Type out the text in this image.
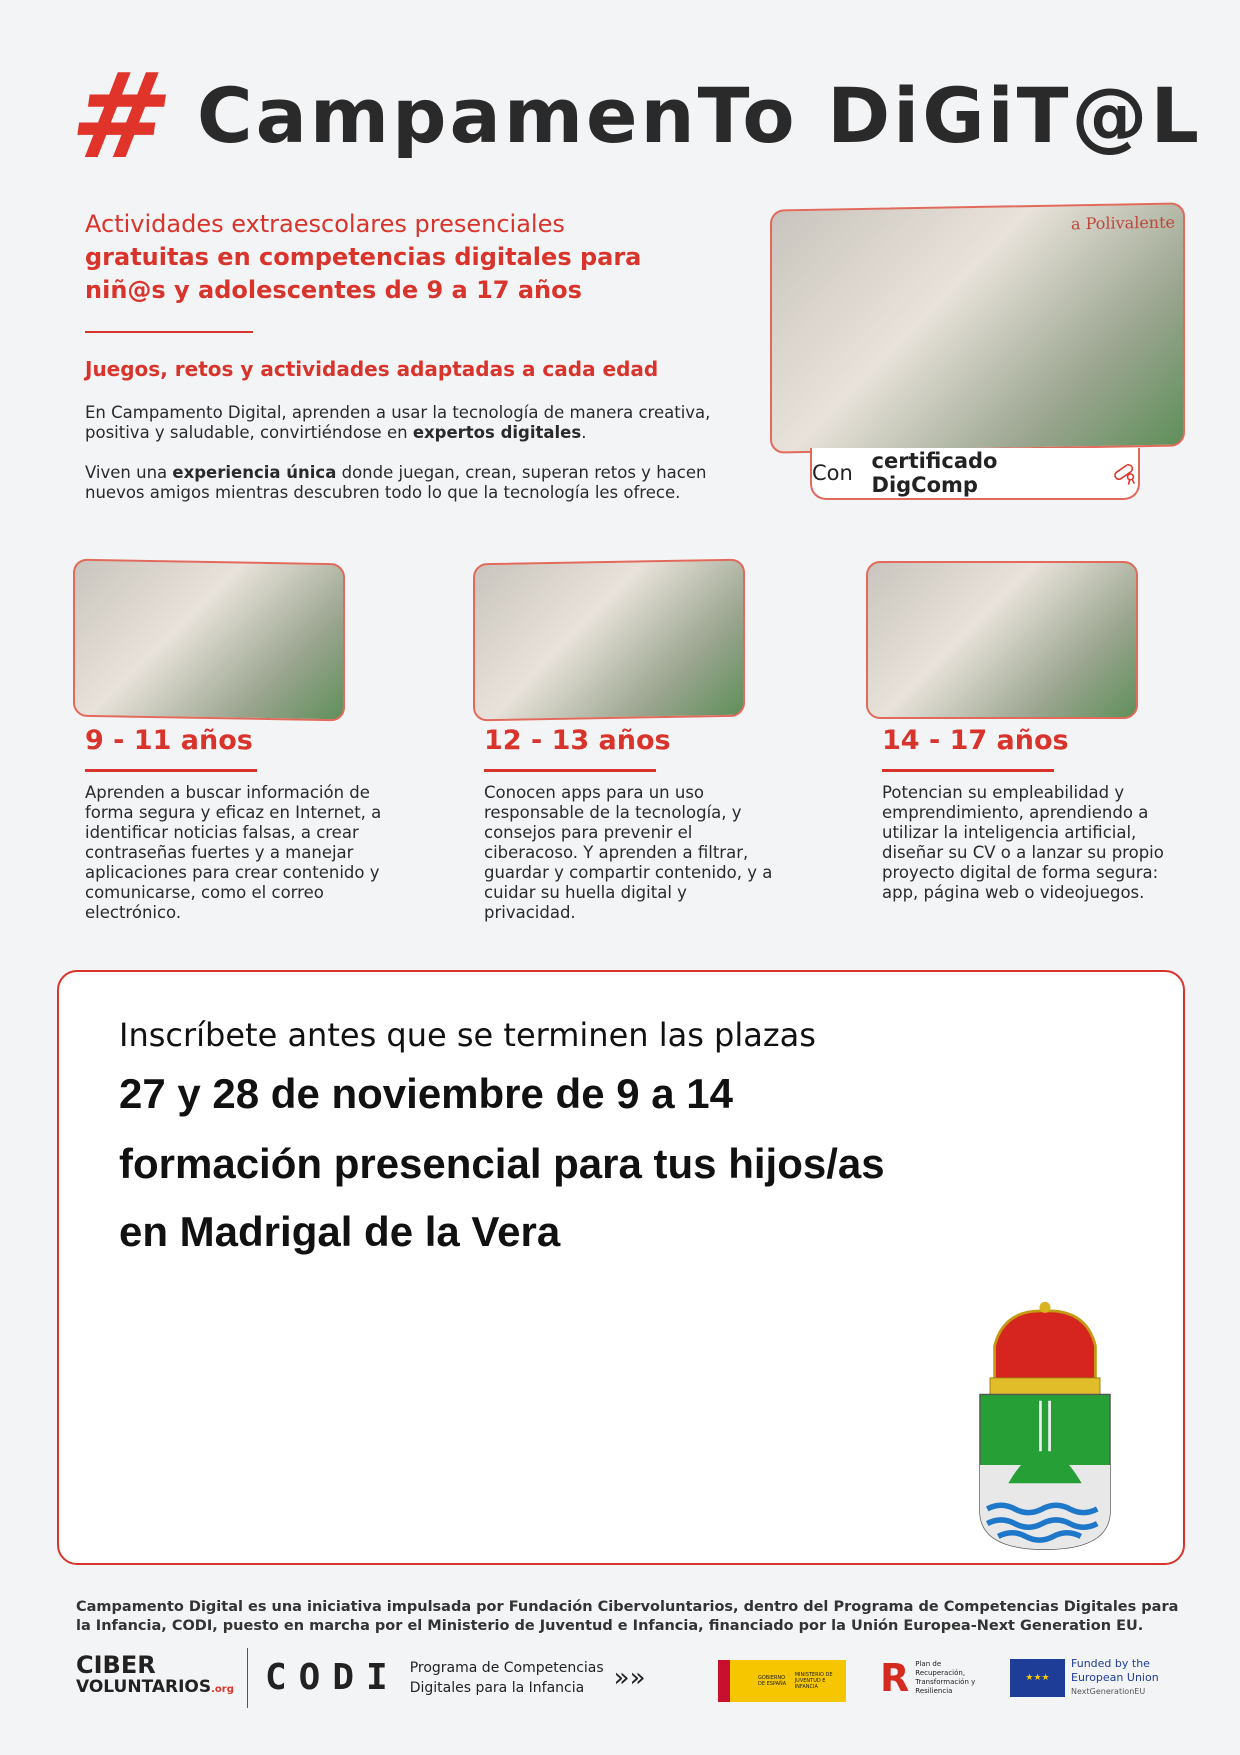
# CampamenTo DiGiT@L
Actividades extraescolares presenciales
gratuitas en competencias digitales para
niñ@s y adolescentes de 9 a 17 años
Juegos, retos y actividades adaptadas a cada edad
En Campamento Digital, aprenden a usar la tecnología de manera creativa, positiva y saludable, convirtiéndose en expertos digitales.
Viven una experiencia única donde juegan, crean, superan retos y hacen nuevos amigos mientras descubren todo lo que la tecnología les ofrece.
a Polivalente
Con
certificado DigComp
9 - 11 años
Aprenden a buscar información de forma segura y eficaz en Internet, a identificar noticias falsas, a crear contraseñas fuertes y a manejar aplicaciones para crear contenido y comunicarse, como el correo electrónico.
12 - 13 años
Conocen apps para un uso responsable de la tecnología, y consejos para prevenir el ciberacoso. Y aprenden a filtrar, guardar y compartir contenido, y a cuidar su huella digital y privacidad.
14 - 17 años
Potencian su empleabilidad y emprendimiento, aprendiendo a utilizar la inteligencia artificial, diseñar su CV o a lanzar su propio proyecto digital de forma segura: app, página web o videojuegos.
Inscríbete antes que se terminen las plazas
27 y 28 de noviembre de 9 a 14
formación presencial para tus hijos/as
en Madrigal de la Vera
Campamento Digital es una iniciativa impulsada por Fundación Cibervoluntarios, dentro del Programa de Competencias Digitales para la Infancia, CODI, puesto en marcha por el Ministerio de Juventud e Infancia, financiado por la Unión Europea-Next Generation EU.
CIBER
VOLUNTARIOS.org CODI Programa de Competencias
Digitales para la Infancia	»»	GOBIERNO DE ESPAÑA
MINISTERIO DE JUVENTUD E INFANCIA	R Plan de Recuperación, Transformación y Resiliencia
★★★
Funded by the
European Union
NextGenerationEU
